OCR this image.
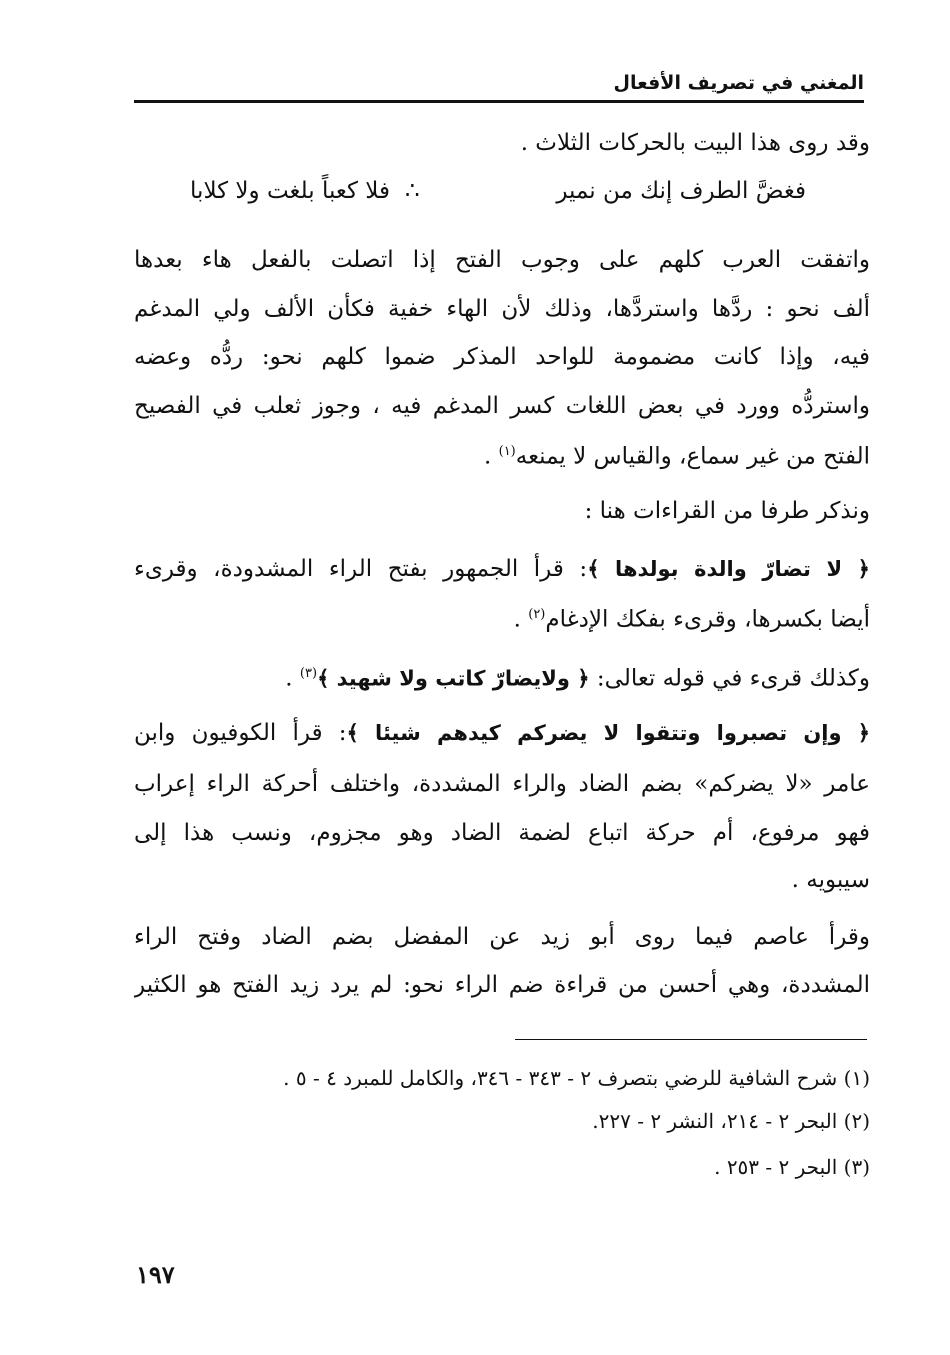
المغني في تصريف الأفعال
وقد روى هذا البيت بالحركات الثلاث .
فغضَّ الطرف إنك من نمير
∴
فلا كعباً بلغت ولا كلابا
واتفقت العرب كلهم على وجوب الفتح إذا اتصلت بالفعل هاء بعدها
ألف نحو : ردَّها واستردَّها، وذلك لأن الهاء خفية فكأن الألف ولي المدغم
فيه، وإذا كانت مضمومة للواحد المذكر ضموا كلهم نحو: ردُّه وعضه
واستردُّه وورد في بعض اللغات كسر المدغم فيه ، وجوز ثعلب في الفصيح
الفتح من غير سماع، والقياس لا يمنعه$^{(١)}$ .
ونذكر طرفا من القراءات هنا :
﴿ لا تضارّ والدة بولدها ﴾: قرأ الجمهور بفتح الراء المشدودة، وقرىء
أيضا بكسرها، وقرىء بفكك الإدغام$^{(٢)}$ .
وكذلك قرىء في قوله تعالى: ﴿ ولايضارّ كاتب ولا شهيد ﴾$^{(٣)}$ .
﴿ وإن تصبروا وتتقوا لا يضركم كيدهم شيئا ﴾: قرأ الكوفيون وابن
عامر «لا يضركم» بضم الضاد والراء المشددة، واختلف أحركة الراء إعراب
فهو مرفوع، أم حركة اتباع لضمة الضاد وهو مجزوم، ونسب هذا إلى
سيبويه .
وقرأ عاصم فيما روى أبو زيد عن المفضل بضم الضاد وفتح الراء
المشددة، وهي أحسن من قراءة ضم الراء نحو: لم يرد زيد الفتح هو الكثير
(١) شرح الشافية للرضي بتصرف ٢ - ٣٤٣ - ٣٤٦، والكامل للمبرد ٤ - ٥ .
(٢) البحر ٢ - ٢١٤، النشر ٢ - ٢٢٧.
(٣) البحر ٢ - ٢٥٣ .
١٩٧
